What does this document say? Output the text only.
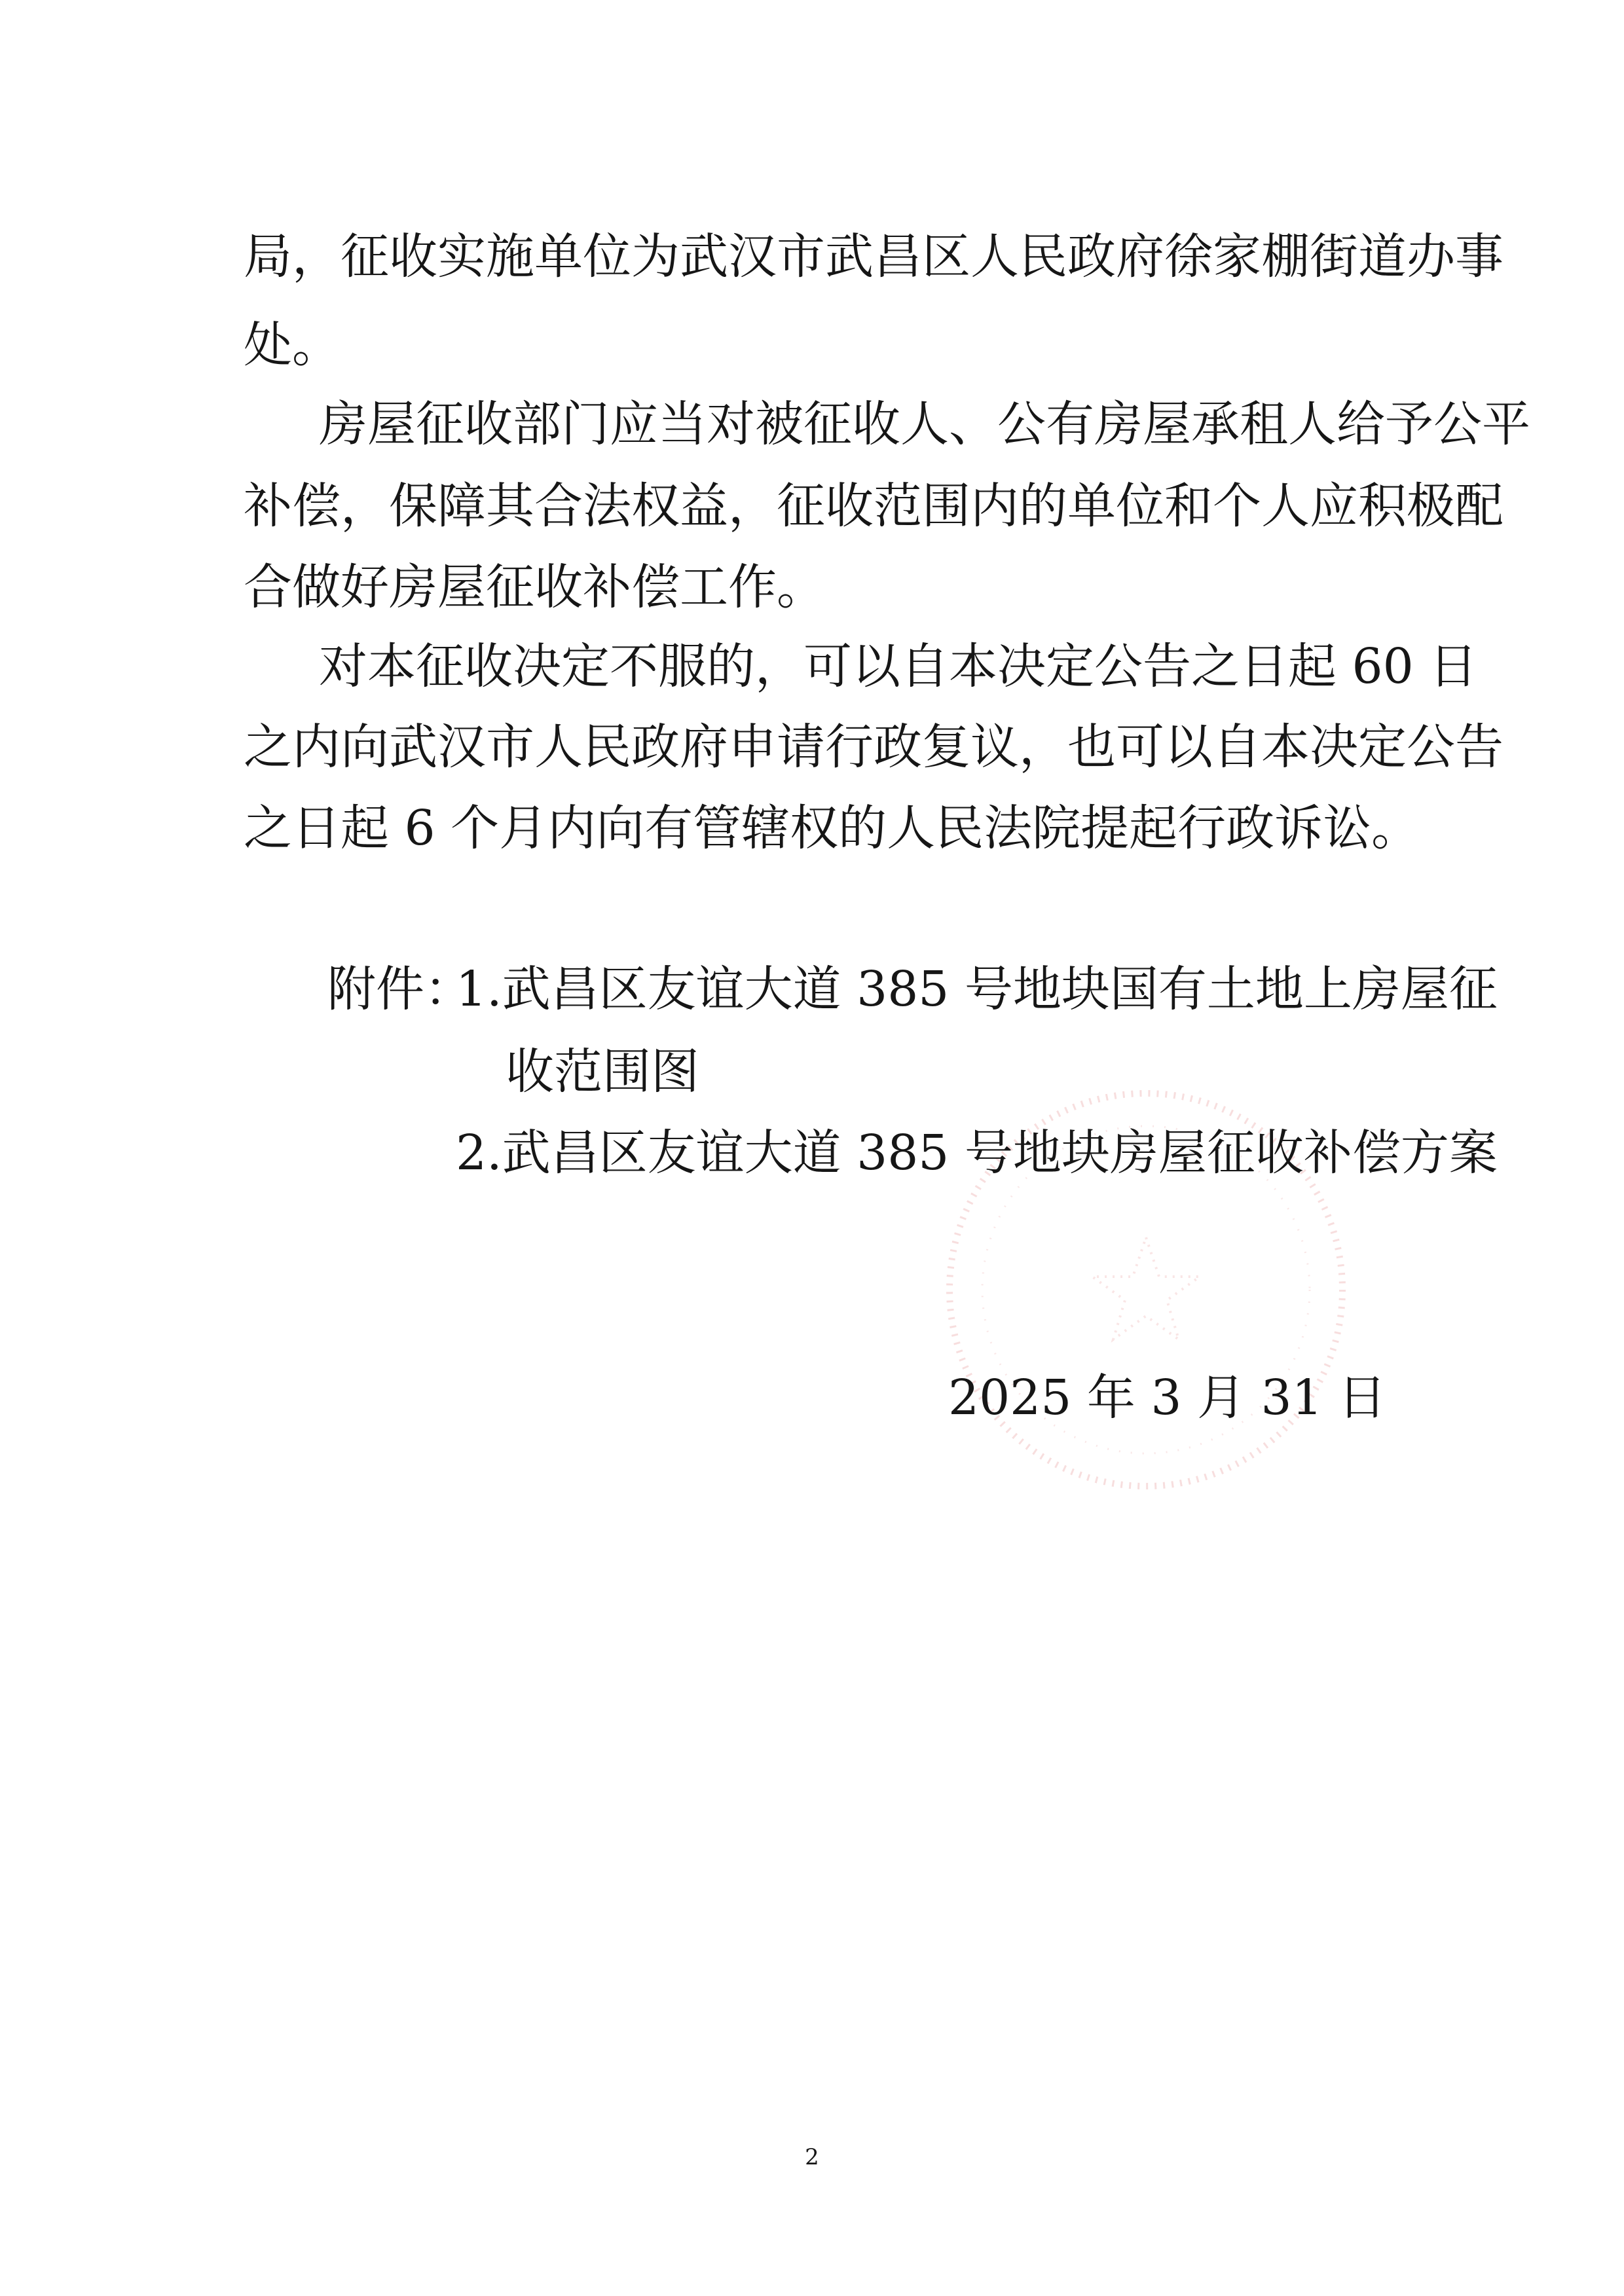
局，征收实施单位为武汉市武昌区人民政府徐家棚街道办事
处。
房屋征收部门应当对被征收人、公有房屋承租人给予公平
补偿，保障其合法权益，征收范围内的单位和个人应积极配
合做好房屋征收补偿工作。
对本征收决定不服的，可以自本决定公告之日起 60 日
之内向武汉市人民政府申请行政复议，也可以自本决定公告
之日起 6 个月内向有管辖权的人民法院提起行政诉讼。
附件：
1.武昌区友谊大道 385 号地块国有土地上房屋征
收范围图
2.武昌区友谊大道 385 号地块房屋征收补偿方案
2025 年 3 月 31 日
2
